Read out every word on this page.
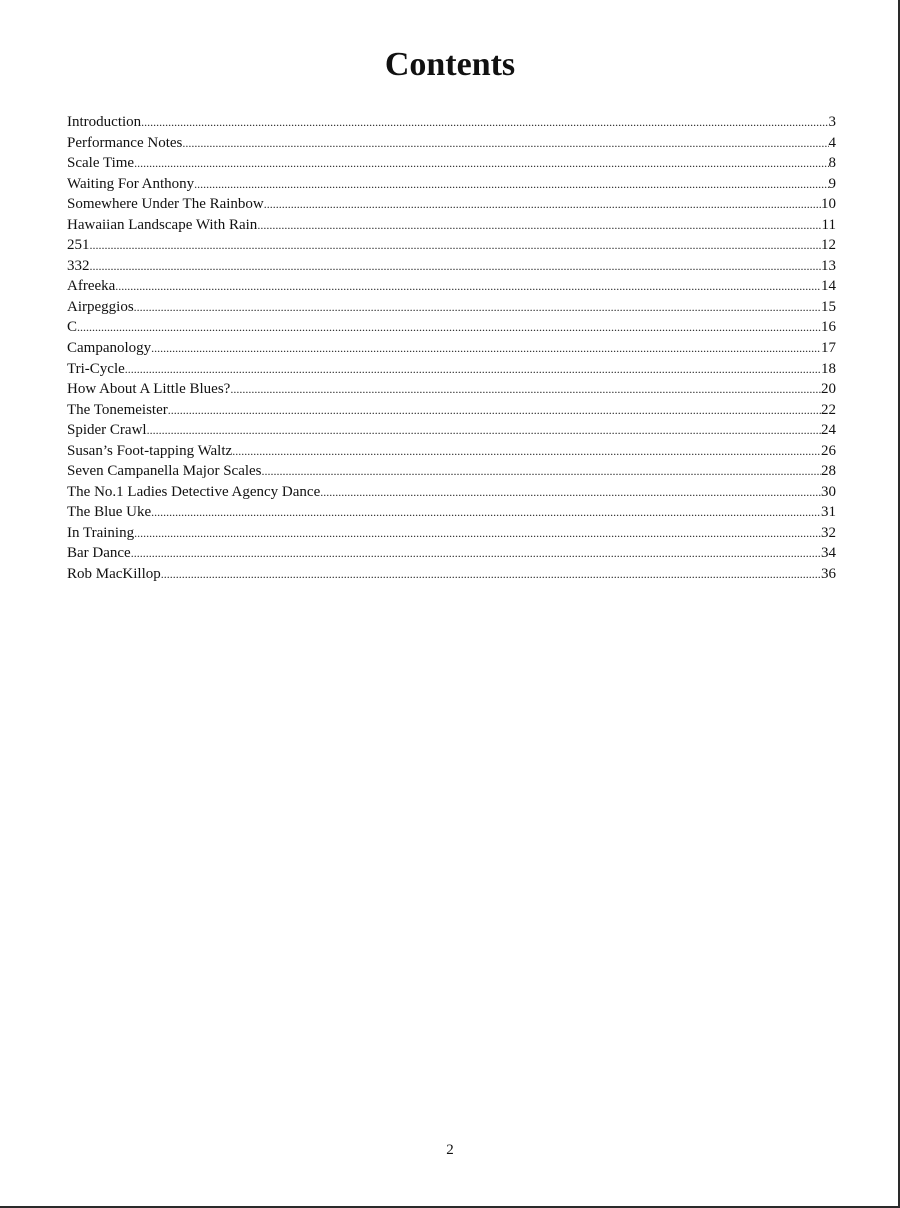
Contents
Introduction .....	3
Performance Notes .....	4
Scale Time .....	8
Waiting For Anthony .....	9
Somewhere Under The Rainbow .....	10
Hawaiian Landscape With Rain .....	11
251 .....	12
332 .....	13
Afreeka .....	14
Airpeggios .....	15
C .....	16
Campanology .....	17
Tri-Cycle .....	18
How About A Little Blues? .....	20
The Tonemeister .....	22
Spider Crawl .....	24
Susan’s Foot-tapping Waltz .....	26
Seven Campanella Major Scales .....	28
The No.1 Ladies Detective Agency Dance .....	30
The Blue Uke .....	31
In Training .....	32
Bar Dance .....	34
Rob MacKillop .....	36
2
